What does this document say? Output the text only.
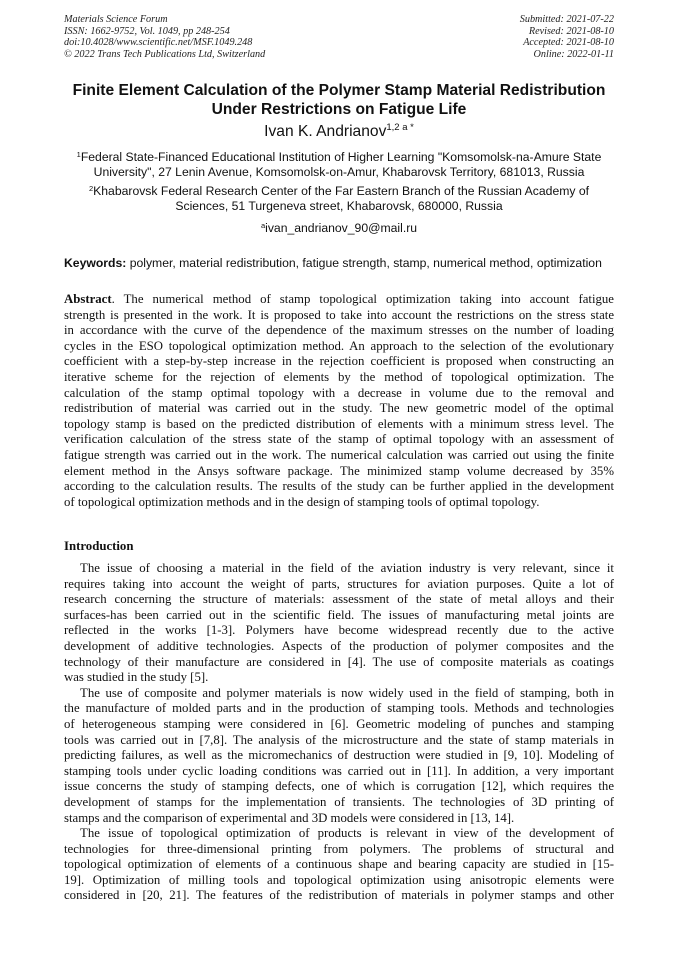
Materials Science Forum
ISSN: 1662-9752, Vol. 1049, pp 248-254
doi:10.4028/www.scientific.net/MSF.1049.248
© 2022 Trans Tech Publications Ltd, Switzerland
Submitted: 2021-07-22
Revised: 2021-08-10
Accepted: 2021-08-10
Online: 2022-01-11
Finite Element Calculation of the Polymer Stamp Material Redistribution
Under Restrictions on Fatigue Life
Ivan K. Andrianov$^{1,2 a *}$
$^1$Federal State-Financed Educational Institution of Higher Learning "Komsomolsk-na-Amure State
University", 27 Lenin Avenue, Komsomolsk-on-Amur, Khabarovsk Territory, 681013, Russia
$^2$Khabarovsk Federal Research Center of the Far Eastern Branch of the Russian Academy of
Sciences, 51 Turgeneva street, Khabarovsk, 680000, Russia
$^a$ivan_andrianov_90@mail.ru
Keywords: polymer, material redistribution, fatigue strength, stamp, numerical method, optimization
Abstract. The numerical method of stamp topological optimization taking into account fatigue
strength is presented in the work. It is proposed to take into account the restrictions on the stress state
in accordance with the curve of the dependence of the maximum stresses on the number of loading
cycles in the ESO topological optimization method. An approach to the selection of the evolutionary
coefficient with a step-by-step increase in the rejection coefficient is proposed when constructing an
iterative scheme for the rejection of elements by the method of topological optimization. The
calculation of the stamp optimal topology with a decrease in volume due to the removal and
redistribution of material was carried out in the study. The new geometric model of the optimal
topology stamp is based on the predicted distribution of elements with a minimum stress level. The
verification calculation of the stress state of the stamp of optimal topology with an assessment of
fatigue strength was carried out in the work. The numerical calculation was carried out using the finite
element method in the Ansys software package. The minimized stamp volume decreased by 35%
according to the calculation results. The results of the study can be further applied in the development
of topological optimization methods and in the design of stamping tools of optimal topology.
Introduction
The issue of choosing a material in the field of the aviation industry is very relevant, since it
requires taking into account the weight of parts, structures for aviation purposes. Quite a lot of
research concerning the structure of materials: assessment of the state of metal alloys and their
surfaces-has been carried out in the scientific field. The issues of manufacturing metal joints are
reflected in the works [1-3]. Polymers have become widespread recently due to the active
development of additive technologies. Aspects of the production of polymer composites and the
technology of their manufacture are considered in [4]. The use of composite materials as coatings
was studied in the study [5].
The use of composite and polymer materials is now widely used in the field of stamping, both in
the manufacture of molded parts and in the production of stamping tools. Methods and technologies
of heterogeneous stamping were considered in [6]. Geometric modeling of punches and stamping
tools was carried out in [7,8]. The analysis of the microstructure and the state of stamp materials in
predicting failures, as well as the micromechanics of destruction were studied in [9, 10]. Modeling of
stamping tools under cyclic loading conditions was carried out in [11]. In addition, a very important
issue concerns the study of stamping defects, one of which is corrugation [12], which requires the
development of stamps for the implementation of transients. The technologies of 3D printing of
stamps and the comparison of experimental and 3D models were considered in [13, 14].
The issue of topological optimization of products is relevant in view of the development of
technologies for three-dimensional printing from polymers. The problems of structural and
topological optimization of elements of a continuous shape and bearing capacity are studied in [15-
19]. Optimization of milling tools and topological optimization using anisotropic elements were
considered in [20, 21]. The features of the redistribution of materials in polymer stamps and other
